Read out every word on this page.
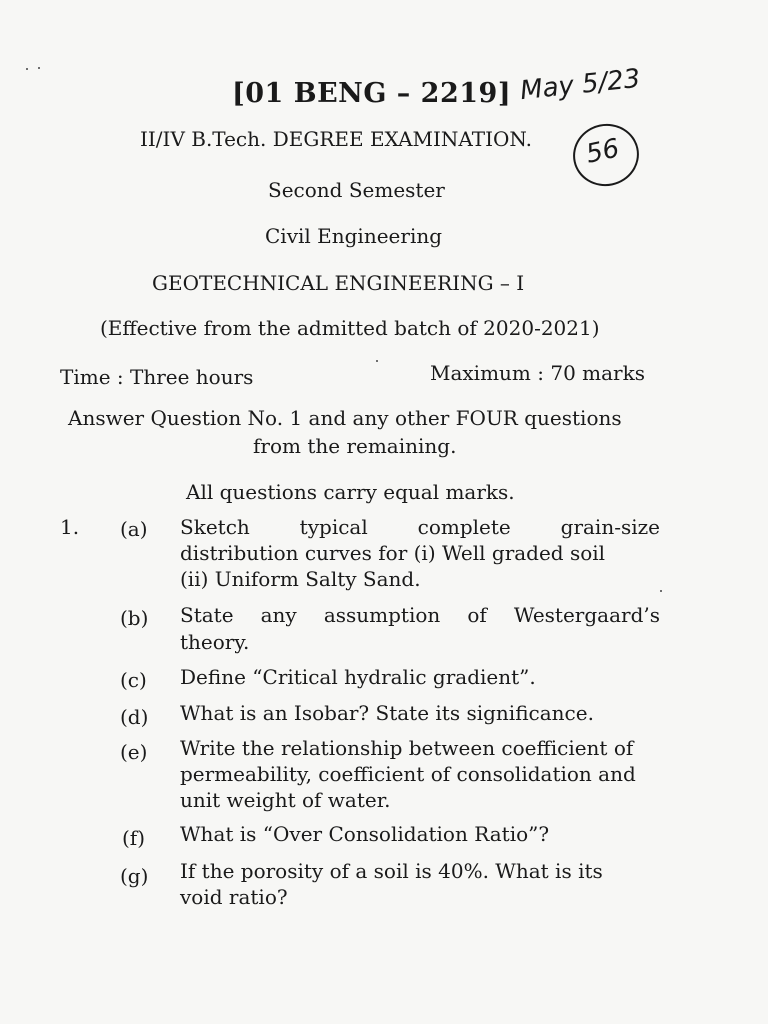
[01 BENG – 2219] May 5/23
56
II/IV B.Tech. DEGREE EXAMINATION.
Second Semester
Civil Engineering
GEOTECHNICAL ENGINEERING – I
(Effective from the admitted batch of 2020-2021)
Time : Three hours	Maximum : 70 marks
Answer Question No. 1 and any other FOUR questions
from the remaining.
All questions carry equal marks.
1. (a) Sketch typical complete grain-size
distribution curves for (i) Well graded soil
(ii) Uniform Salty Sand.
(b) State any assumption of Westergaard’s
theory.
(c) Define “Critical hydralic gradient”.
(d) What is an Isobar? State its significance.
(e) Write the relationship between coefficient of
permeability, coefficient of consolidation and
unit weight of water.
(f) What is “Over Consolidation Ratio”?
(g) If the porosity of a soil is 40%. What is its
void ratio?
